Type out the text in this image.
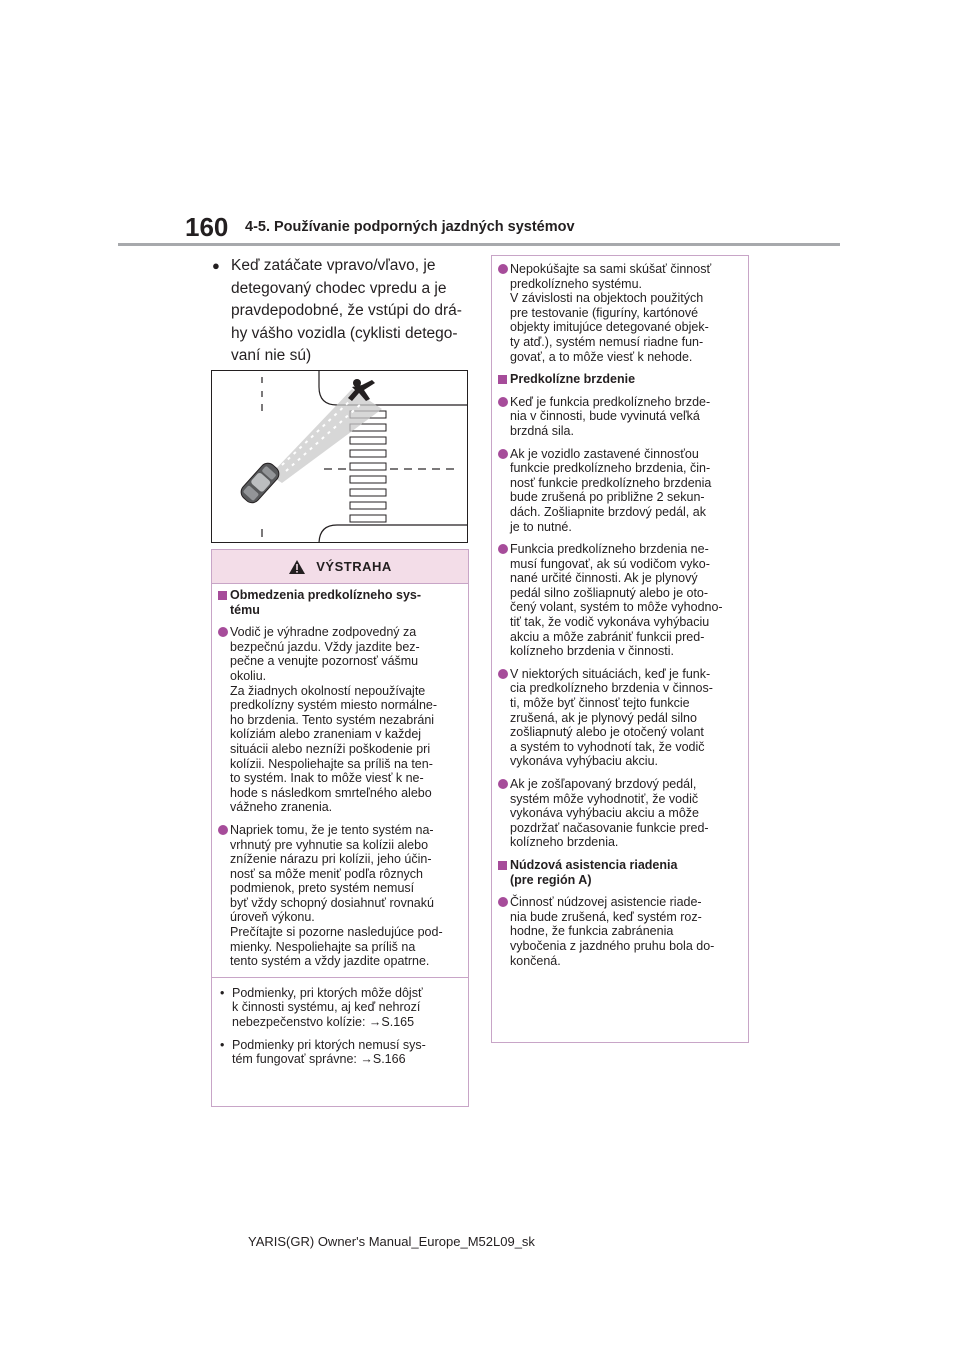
160 4-5. Používanie podporných jazdných systémov
● Keď zatáčate vpravo/vľavo, je detegovaný chodec vpredu a je pravdepodobné, že vstúpi do drá-hy vášho vozidla (cyklisti detego-vaní nie sú)
VÝSTRAHA
Obmedzenia predkolízneho sys-
tému
Vodič je výhradne zodpovedný za
bezpečnú jazdu. Vždy jazdite bez-
pečne a venujte pozornosť vášmu
okoliu.
Za žiadnych okolností nepoužívajte
predkolízny systém miesto normálne-
ho brzdenia. Tento systém nezabráni
kolíziám alebo zraneniam v každej
situácii alebo nezníži poškodenie pri
kolízii. Nespoliehajte sa príliš na ten-
to systém. Inak to môže viesť k ne-
hode s následkom smrteľného alebo
vážneho zranenia.
Napriek tomu, že je tento systém na-
vrhnutý pre vyhnutie sa kolízii alebo
zníženie nárazu pri kolízii, jeho účin-
nosť sa môže meniť podľa rôznych
podmienok, preto systém nemusí
byť vždy schopný dosiahnuť rovnakú
úroveň výkonu.
Prečítajte si pozorne nasledujúce pod-
mienky. Nespoliehajte sa príliš na
tento systém a vždy jazdite opatrne.
• Podmienky, pri ktorých môže dôjsť
k činnosti systému, aj keď nehrozí
nebezpečenstvo kolízie: →S.165
• Podmienky pri ktorých nemusí sys-
tém fungovať správne: →S.166
Nepokúšajte sa sami skúšať činnosť
predkolízneho systému.
V závislosti na objektoch použitých
pre testovanie (figuríny, kartónové
objekty imitujúce detegované objek-
ty atď.), systém nemusí riadne fun-
govať, a to môže viesť k nehode.
Predkolízne brzdenie
Keď je funkcia predkolízneho brzde-
nia v činnosti, bude vyvinutá veľká
brzdná sila.
Ak je vozidlo zastavené činnosťou
funkcie predkolízneho brzdenia, čin-
nosť funkcie predkolízneho brzdenia
bude zrušená po približne 2 sekun-
dách. Zošliapnite brzdový pedál, ak
je to nutné.
Funkcia predkolízneho brzdenia ne-
musí fungovať, ak sú vodičom vyko-
nané určité činnosti. Ak je plynový
pedál silno zošliapnutý alebo je oto-
čený volant, systém to môže vyhodno-
tiť tak, že vodič vykonáva vyhýbaciu
akciu a môže zabrániť funkcii pred-
kolízneho brzdenia v činnosti.
V niektorých situáciách, keď je funk-
cia predkolízneho brzdenia v činnos-
ti, môže byť činnosť tejto funkcie
zrušená, ak je plynový pedál silno
zošliapnutý alebo je otočený volant
a systém to vyhodnotí tak, že vodič
vykonáva vyhýbaciu akciu.
Ak je zošľapovaný brzdový pedál,
systém môže vyhodnotiť, že vodič
vykonáva vyhýbaciu akciu a môže
pozdržať načasovanie funkcie pred-
kolízneho brzdenia.
Núdzová asistencia riadenia
(pre región A)
Činnosť núdzovej asistencie riade-
nia bude zrušená, keď systém roz-
hodne, že funkcia zabránenia
vybočenia z jazdného pruhu bola do-
končená.
YARIS(GR) Owner's Manual_Europe_M52L09_sk
